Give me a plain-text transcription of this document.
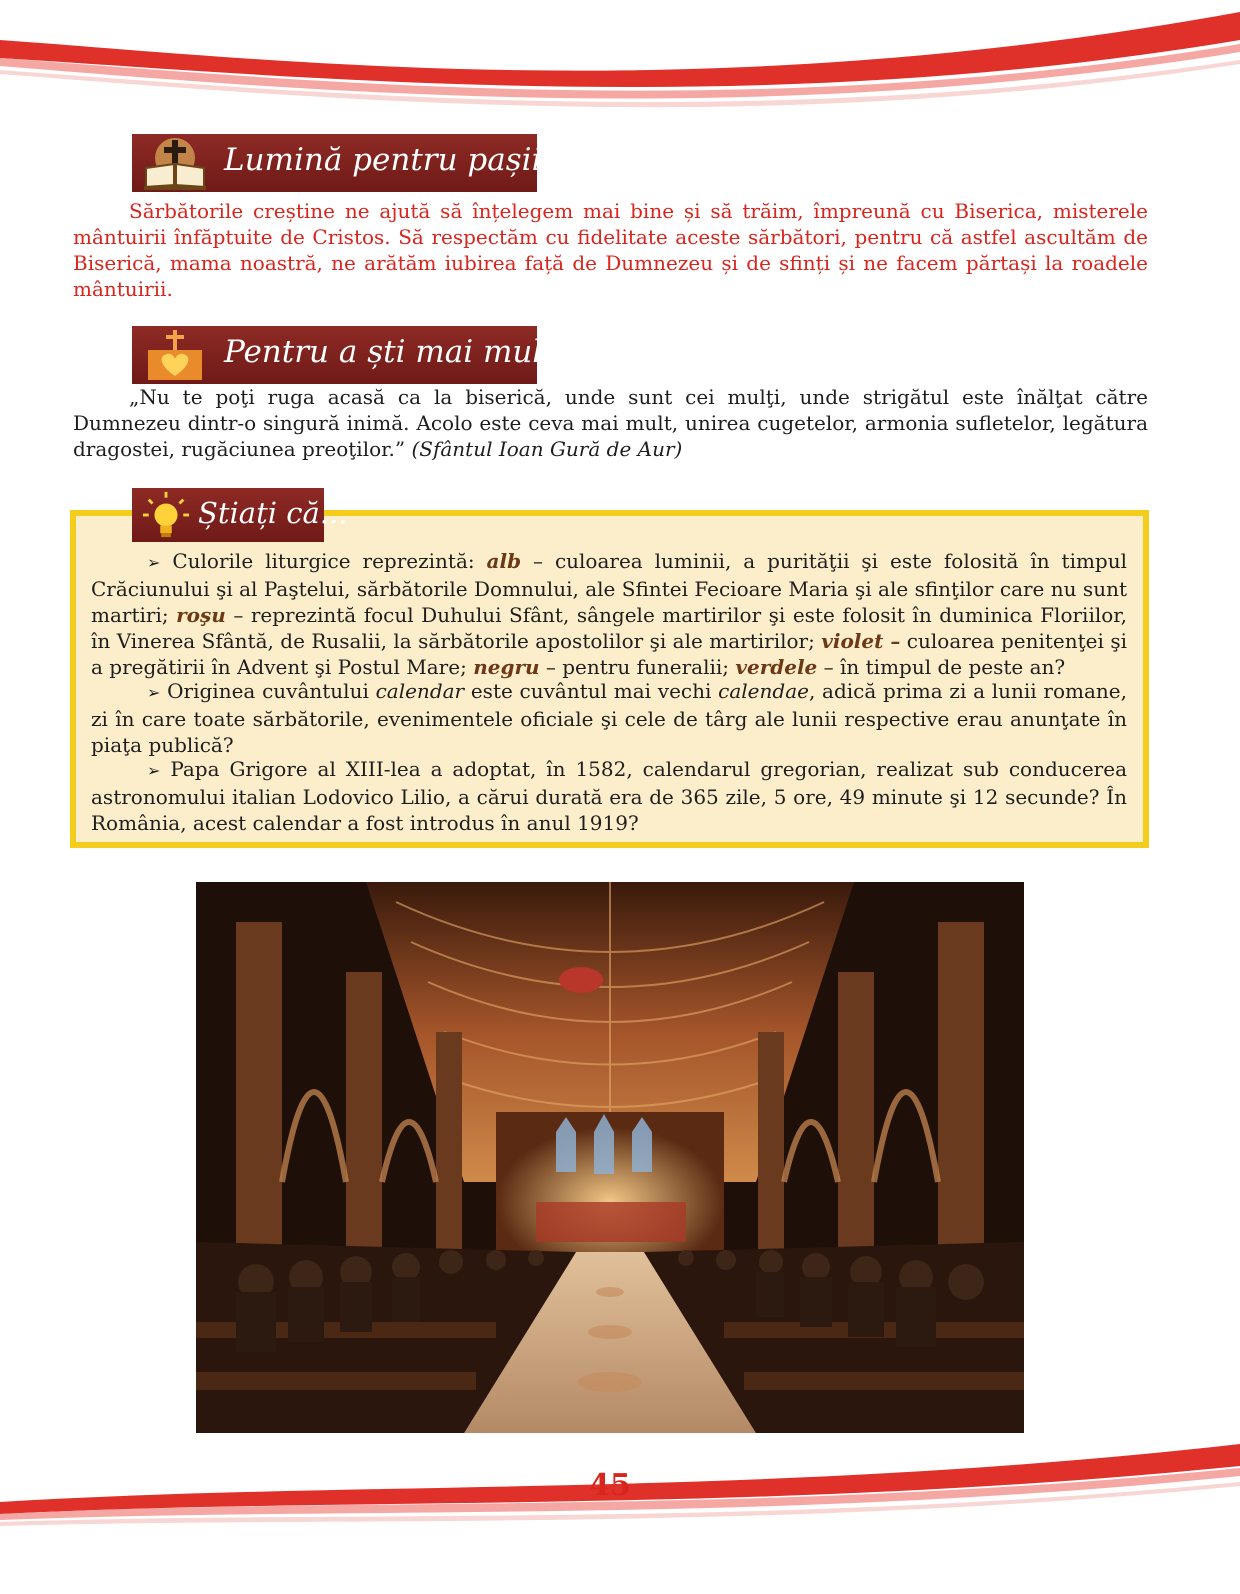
Lumină pentru pașii mei

Sărbătorile creștine ne ajută să înțelegem mai bine și să trăim, împreună cu Biserica, misterele mântuirii înfăptuite de Cristos. Să respectăm cu fidelitate aceste sărbători, pentru că astfel ascultăm de Biserică, mama noastră, ne arătăm iubirea față de Dumnezeu și de sfinți și ne facem părtași la roadele mântuirii.

Pentru a ști mai multe

„Nu te poţi ruga acasă ca la biserică, unde sunt cei mulţi, unde strigătul este înălţat către Dumnezeu dintr-o singură inimă. Acolo este ceva mai mult, unirea cugetelor, armonia sufletelor, legătura dragostei, rugăciunea preoţilor.” (Sfântul Ioan Gură de Aur)

Știați că...

➢ Culorile liturgice reprezintă: alb – culoarea luminii, a purităţii şi este folosită în timpul Crăciunului şi al Paştelui, sărbătorile Domnului, ale Sfintei Fecioare Maria şi ale sfinţilor care nu sunt martiri; roşu – reprezintă focul Duhului Sfânt, sângele martirilor şi este folosit în duminica Floriilor, în Vinerea Sfântă, de Rusalii, la sărbătorile apostolilor şi ale martirilor; violet – culoarea penitenţei şi a pregătirii în Advent şi Postul Mare; negru – pentru funeralii; verdele – în timpul de peste an?

➢ Originea cuvântului calendar este cuvântul mai vechi calendae, adică prima zi a lunii romane, zi în care toate sărbătorile, evenimentele oficiale şi cele de târg ale lunii respective erau anunţate în piaţa publică?

➢ Papa Grigore al XIII-lea a adoptat, în 1582, calendarul gregorian, realizat sub conducerea astronomului italian Lodovico Lilio, a cărui durată era de 365 zile, 5 ore, 49 minute şi 12 secunde? În România, acest calendar a fost introdus în anul 1919?

45
